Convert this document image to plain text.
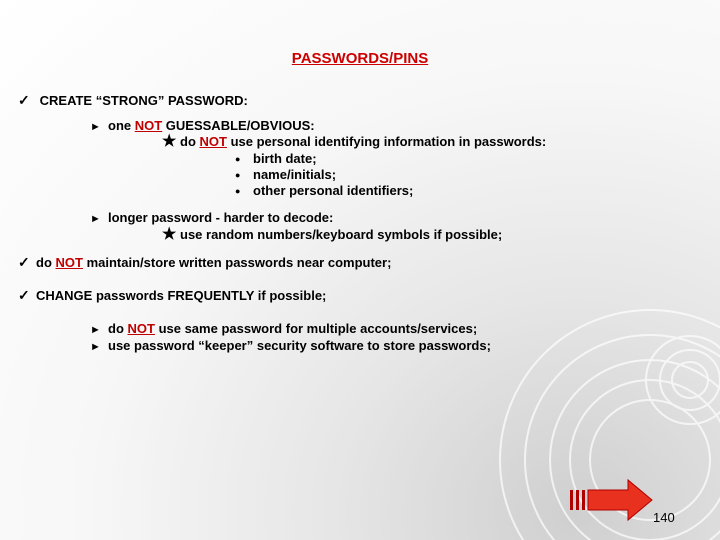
PASSWORDS/PINS
✓ CREATE “STRONG” PASSWORD:
► one NOT GUESSABLE/OBVIOUS:
★ do NOT use personal identifying information in passwords:
● birth date;
● name/initials;
● other personal identifiers;
► longer password - harder to decode:
★ use random numbers/keyboard symbols if possible;
✓ do NOT maintain/store written passwords near computer;
✓ CHANGE passwords FREQUENTLY if possible;
► do NOT use same password for multiple accounts/services;
► use password “keeper” security software to store passwords;
140
